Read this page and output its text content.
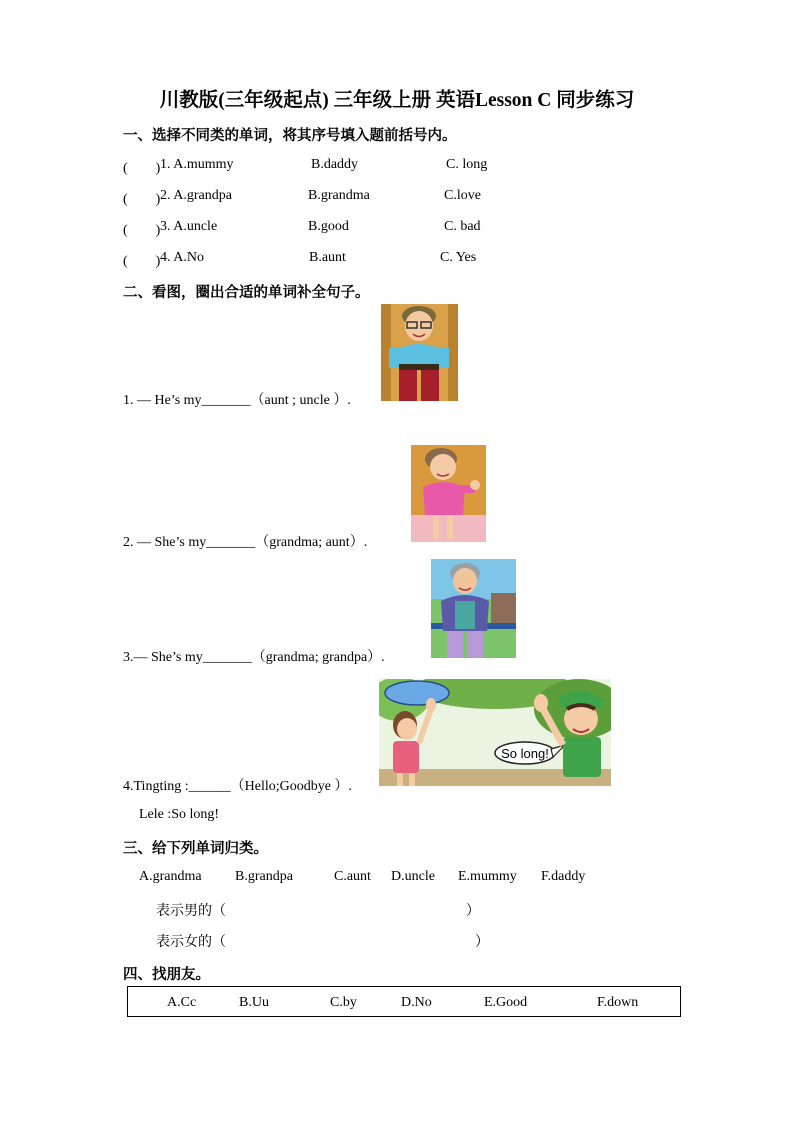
川教版(三年级起点) 三年级上册 英语Lesson C 同步练习
一、选择不同类的单词，将其序号填入题前括号内。
(　　) 1. A.mummy	B.daddy	C. long
(　　) 2. A.grandpa	B.grandma	C.love
(　　) 3. A.uncle	B.good	C. bad
(　　) 4. A.No	B.aunt	C. Yes
二、看图，圈出合适的单词补全句子。
1. — He’s my_______（aunt ; uncle ）.
2. — She’s my_______（grandma; aunt）.
3.— She’s my_______（grandma; grandpa）.
So long!
4.Tingting :______（Hello;Goodbye ）.
Lele :So long!
三、给下列单词归类。
A.grandma B.grandpa	C.aunt D.uncle E.mummy F.daddy
表示男的（	）
表示女的（	）
四、找朋友。
A.Cc	B.Uu	C.by	D.No	E.Good	F.down
